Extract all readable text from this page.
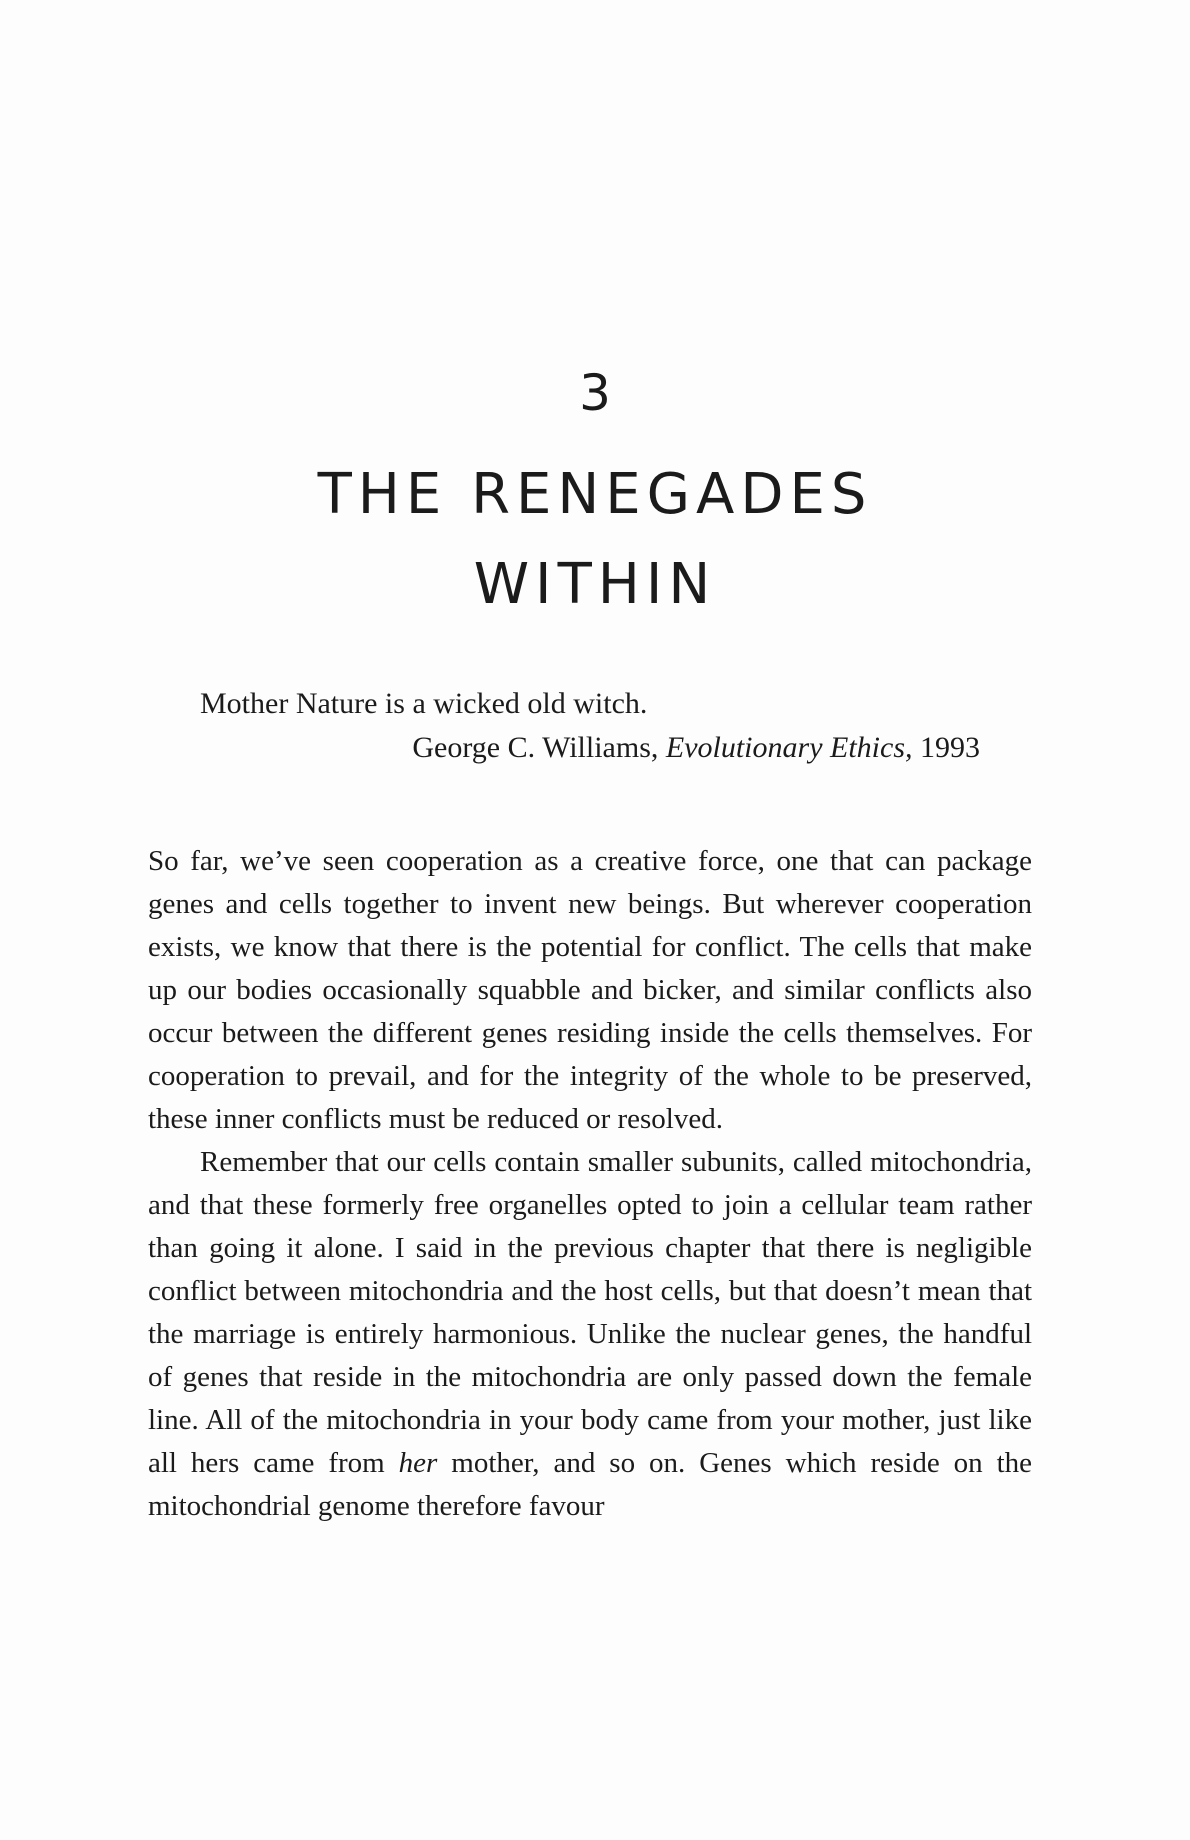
3
THE RENEGADES
WITHIN
Mother Nature is a wicked old witch.
George C. Williams, Evolutionary Ethics, 1993

So far, we’ve seen cooperation as a creative force, one that can package genes and cells together to invent new beings. But wherever cooperation exists, we know that there is the potential for conflict. The cells that make up our bodies occasionally squabble and bicker, and similar conflicts also occur between the different genes residing inside the cells themselves. For cooperation to prevail, and for the integrity of the whole to be preserved, these inner conflicts must be reduced or resolved.

Remember that our cells contain smaller subunits, called mitochondria, and that these formerly free organelles opted to join a cellular team rather than going it alone. I said in the previous chapter that there is negligible conflict between mitochondria and the host cells, but that doesn’t mean that the marriage is entirely harmonious. Unlike the nuclear genes, the handful of genes that reside in the mitochondria are only passed down the female line. All of the mitochondria in your body came from your mother, just like all hers came from her mother, and so on. Genes which reside on the mitochondrial genome therefore favour
